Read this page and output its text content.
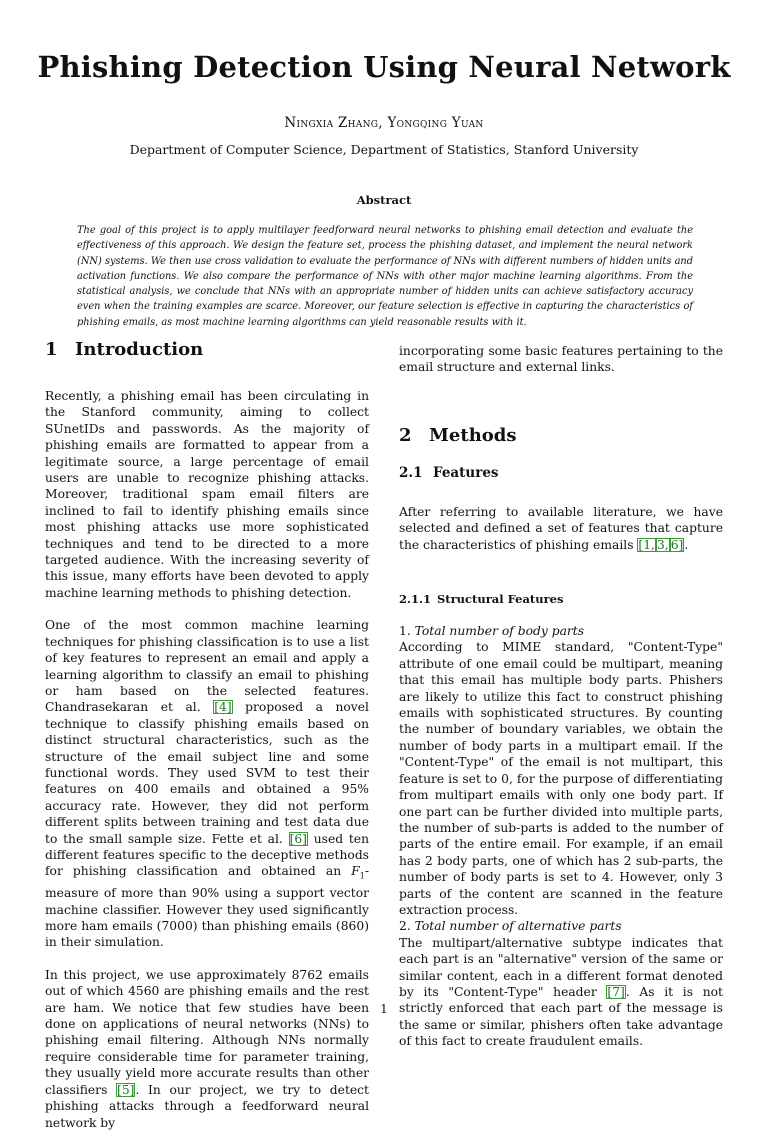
Phishing Detection Using Neural Network
Ningxia Zhang, Yongqing Yuan
Department of Computer Science, Department of Statistics, Stanford University
Abstract
The goal of this project is to apply multilayer feedforward neural networks to phishing email detection and evaluate the effectiveness of this approach. We design the feature set, process the phishing dataset, and implement the neural network (NN) systems. We then use cross validation to evaluate the performance of NNs with different numbers of hidden units and activation functions. We also compare the performance of NNs with other major machine learning algorithms. From the statistical analysis, we conclude that NNs with an appropriate number of hidden units can achieve satisfactory accuracy even when the training examples are scarce. Moreover, our feature selection is effective in capturing the characteristics of phishing emails, as most machine learning algorithms can yield reasonable results with it.
1 Introduction

Recently, a phishing email has been circulating in the Stanford community, aiming to collect SUnetIDs and passwords. As the majority of phishing emails are formatted to appear from a legitimate source, a large percentage of email users are unable to recognize phishing attacks. Moreover, traditional spam email filters are inclined to fail to identify phishing emails since most phishing attacks use more sophisticated techniques and tend to be directed to a more targeted audience. With the increasing severity of this issue, many efforts have been devoted to apply machine learning methods to phishing detection.

One of the most common machine learning techniques for phishing classification is to use a list of key features to represent an email and apply a learning algorithm to classify an email to phishing or ham based on the selected features. Chandrasekaran et al. [4] proposed a novel technique to classify phishing emails based on distinct structural characteristics, such as the structure of the email subject line and some functional words. They used SVM to test their features on 400 emails and obtained a 95% accuracy rate. However, they did not perform different splits between training and test data due to the small sample size. Fette et al. [6] used ten different features specific to the deceptive methods for phishing classification and obtained an $F_1$-measure of more than 90% using a support vector machine classifier. However they used significantly more ham emails (7000) than phishing emails (860) in their simulation.

In this project, we use approximately 8762 emails out of which 4560 are phishing emails and the rest are ham. We notice that few studies have been done on applications of neural networks (NNs) to phishing email filtering. Although NNs normally require considerable time for parameter training, they usually yield more accurate results than other classifiers [5]. In our project, we try to detect phishing attacks through a feedforward neural network by

incorporating some basic features pertaining to the email structure and external links.

2 Methods
2.1 Features

After referring to available literature, we have selected and defined a set of features that capture the characteristics of phishing emails [1, 3, 6].

2.1.1 Structural Features
1. Total number of body parts

According to MIME standard, "Content-Type" attribute of one email could be multipart, meaning that this email has multiple body parts. Phishers are likely to utilize this fact to construct phishing emails with sophisticated structures. By counting the number of boundary variables, we obtain the number of body parts in a multipart email. If the "Content-Type" of the email is not multipart, this feature is set to 0, for the purpose of differentiating from multipart emails with only one body part. If one part can be further divided into multiple parts, the number of sub-parts is added to the number of parts of the entire email. For example, if an email has 2 body parts, one of which has 2 sub-parts, the number of body parts is set to 4. However, only 3 parts of the content are scanned in the feature extraction process.

2. Total number of alternative parts

The multipart/alternative subtype indicates that each part is an "alternative" version of the same or similar content, each in a different format denoted by its "Content-Type" header [7]. As it is not strictly enforced that each part of the message is the same or similar, phishers often take advantage of this fact to create fraudulent emails.

1
